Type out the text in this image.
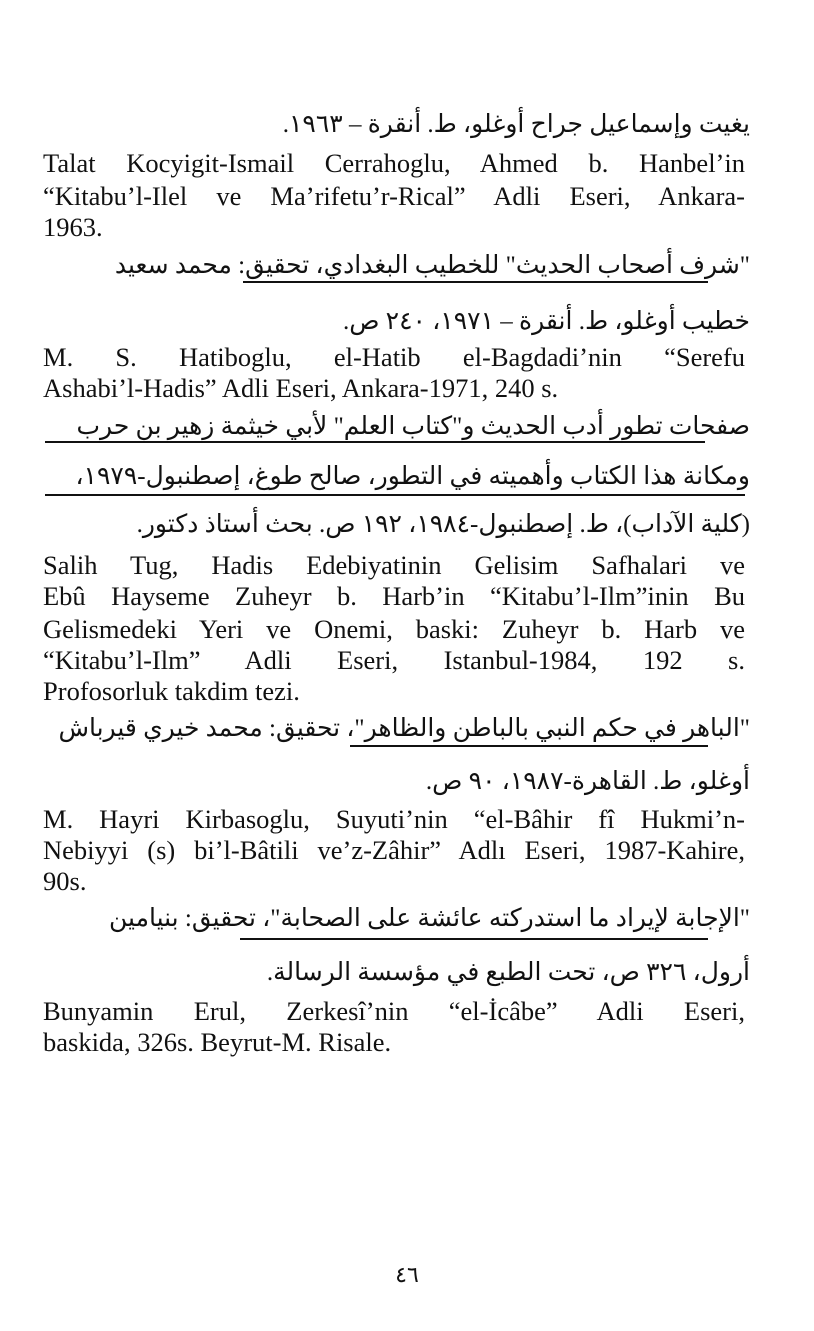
يغيت وإسماعيل جراح أوغلو، ط. أنقرة – ١٩٦٣.
Talat Kocyigit-Ismail Cerrahoglu, Ahmed b. Hanbel’in
“Kitabu’l-Ilel ve Ma’rifetu’r-Rical” Adli Eseri, Ankara-
1963.
"شرف أصحاب الحديث" للخطيب البغدادي، تحقيق: محمد سعيد
خطيب أوغلو، ط. أنقرة – ١٩٧١، ٢٤٠ ص.
M. S. Hatiboglu, el-Hatib el-Bagdadi’nin “Serefu
Ashabi’l-Hadis” Adli Eseri, Ankara-1971, 240 s.
صفحات تطور أدب الحديث و"كتاب العلم" لأبي خيثمة زهير بن حرب
ومكانة هذا الكتاب وأهميته في التطور، صالح طوغ، إصطنبول-١٩٧٩،
(كلية الآداب)، ط. إصطنبول-١٩٨٤، ١٩٢ ص. بحث أستاذ دكتور.
Salih Tug, Hadis Edebiyatinin Gelisim Safhalari ve
Ebû Hayseme Zuheyr b. Harb’in “Kitabu’l-Ilm”inin Bu
Gelismedeki Yeri ve Onemi, baski: Zuheyr b. Harb ve
“Kitabu’l-Ilm” Adli Eseri, Istanbul-1984, 192 s.
Profosorluk takdim tezi.
"الباهر في حكم النبي بالباطن والظاهر"، تحقيق: محمد خيري قيرباش
أوغلو، ط. القاهرة-١٩٨٧، ٩٠ ص.
M. Hayri Kirbasoglu, Suyuti’nin “el-Bâhir fî Hukmi’n-
Nebiyyi (s) bi’l-Bâtili ve’z-Zâhir” Adlı Eseri, 1987-Kahire,
90s.
"الإجابة لإيراد ما استدركته عائشة على الصحابة"، تحقيق: بنيامين
أرول، ٣٢٦ ص، تحت الطبع في مؤسسة الرسالة.
Bunyamin Erul, Zerkesî’nin “el-İcâbe” Adli Eseri,
baskida, 326s. Beyrut-M. Risale.
٤٦
